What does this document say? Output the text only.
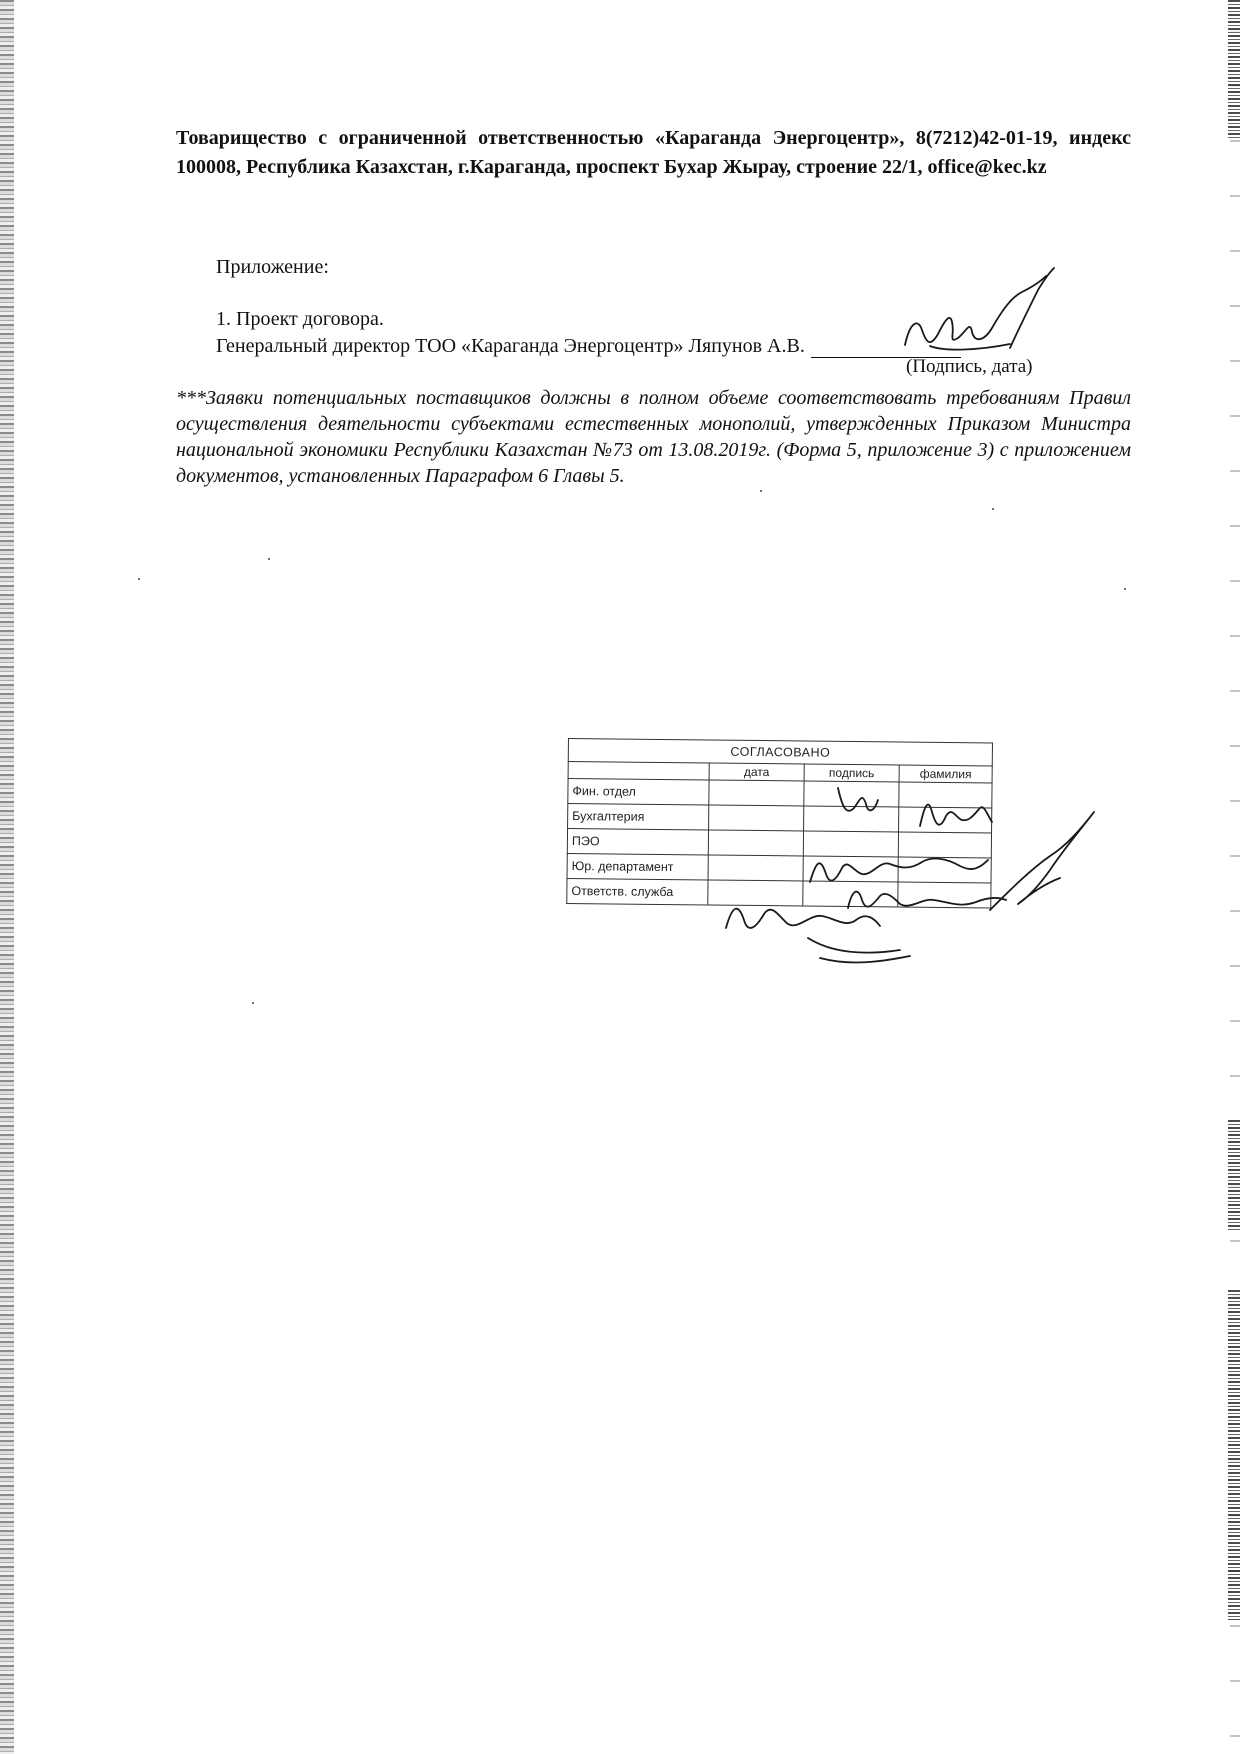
Товарищество с ограниченной ответственностью «Караганда Энергоцентр», 8(7212)42-01-19, индекс 100008, Республика Казахстан, г.Караганда, проспект Бухар Жырау, строение 22/1, office@kec.kz
Приложение:
1. Проект договора.
Генеральный директор ТОО «Караганда Энергоцентр» Ляпунов А.В.
(Подпись, дата)
***Заявки потенциальных поставщиков должны в полном объеме соответствовать требованиям Правил осуществления деятельности субъектами естественных монополий, утвержденных Приказом Министра национальной экономики Республики Казахстан №73 от 13.08.2019г. (Форма 5, приложение 3) с приложением документов, установленных Параграфом 6 Главы 5.
СОГЛАСОВАНО			
	дата	подпись	фамилия
Фин. отдел			
Бухгалтерия			
ПЭО			
Юр. департамент			
Ответств. служба			
